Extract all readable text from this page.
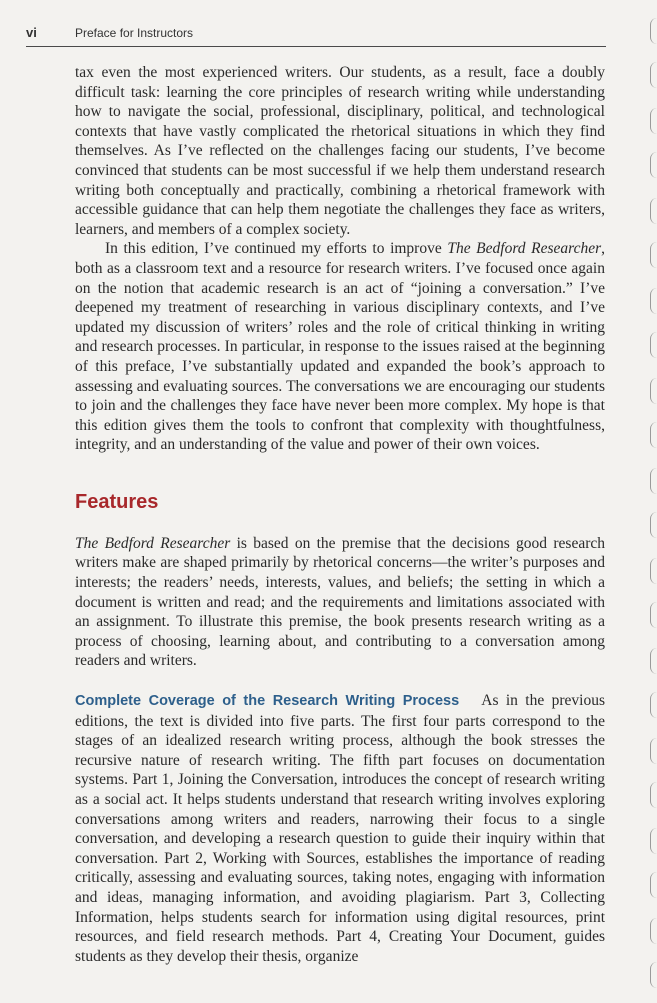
vi	Preface for Instructors

tax even the most experienced writers. Our students, as a result, face a doubly difficult task: learning the core principles of research writing while understanding how to navigate the social, professional, disciplinary, political, and technological contexts that have vastly complicated the rhetorical situations in which they find themselves. As I’ve reflected on the challenges facing our students, I’ve become convinced that students can be most successful if we help them understand research writing both conceptually and practically, combining a rhetorical framework with accessible guidance that can help them negotiate the challenges they face as writers, learners, and members of a complex society.

In this edition, I’ve continued my efforts to improve The Bedford Researcher, both as a classroom text and a resource for research writers. I’ve focused once again on the notion that academic research is an act of “joining a conversation.” I’ve deepened my treatment of researching in various disciplinary contexts, and I’ve updated my discussion of writers’ roles and the role of critical thinking in writing and research processes. In particular, in response to the issues raised at the beginning of this preface, I’ve substantially updated and expanded the book’s approach to assessing and evaluating sources. The conversations we are encouraging our students to join and the challenges they face have never been more complex. My hope is that this edition gives them the tools to confront that complexity with thoughtfulness, integrity, and an understanding of the value and power of their own voices.

Features

The Bedford Researcher is based on the premise that the decisions good research writers make are shaped primarily by rhetorical concerns—the writer’s purposes and interests; the readers’ needs, interests, values, and beliefs; the setting in which a document is written and read; and the requirements and limitations associated with an assignment. To illustrate this premise, the book presents research writing as a process of choosing, learning about, and contributing to a conversation among readers and writers.

Complete Coverage of the Research Writing Process As in the previous editions, the text is divided into five parts. The first four parts correspond to the stages of an idealized research writing process, although the book stresses the recursive nature of research writing. The fifth part focuses on documentation systems. Part 1, Joining the Conversation, introduces the concept of research writing as a social act. It helps students understand that research writing involves exploring conversations among writers and readers, narrowing their focus to a single conversation, and developing a research question to guide their inquiry within that conversation. Part 2, Working with Sources, establishes the importance of reading critically, assessing and evaluating sources, taking notes, engaging with information and ideas, managing information, and avoiding plagiarism. Part 3, Collecting Information, helps students search for information using digital resources, print resources, and field research methods. Part 4, Creating Your Document, guides students as they develop their thesis, organize
